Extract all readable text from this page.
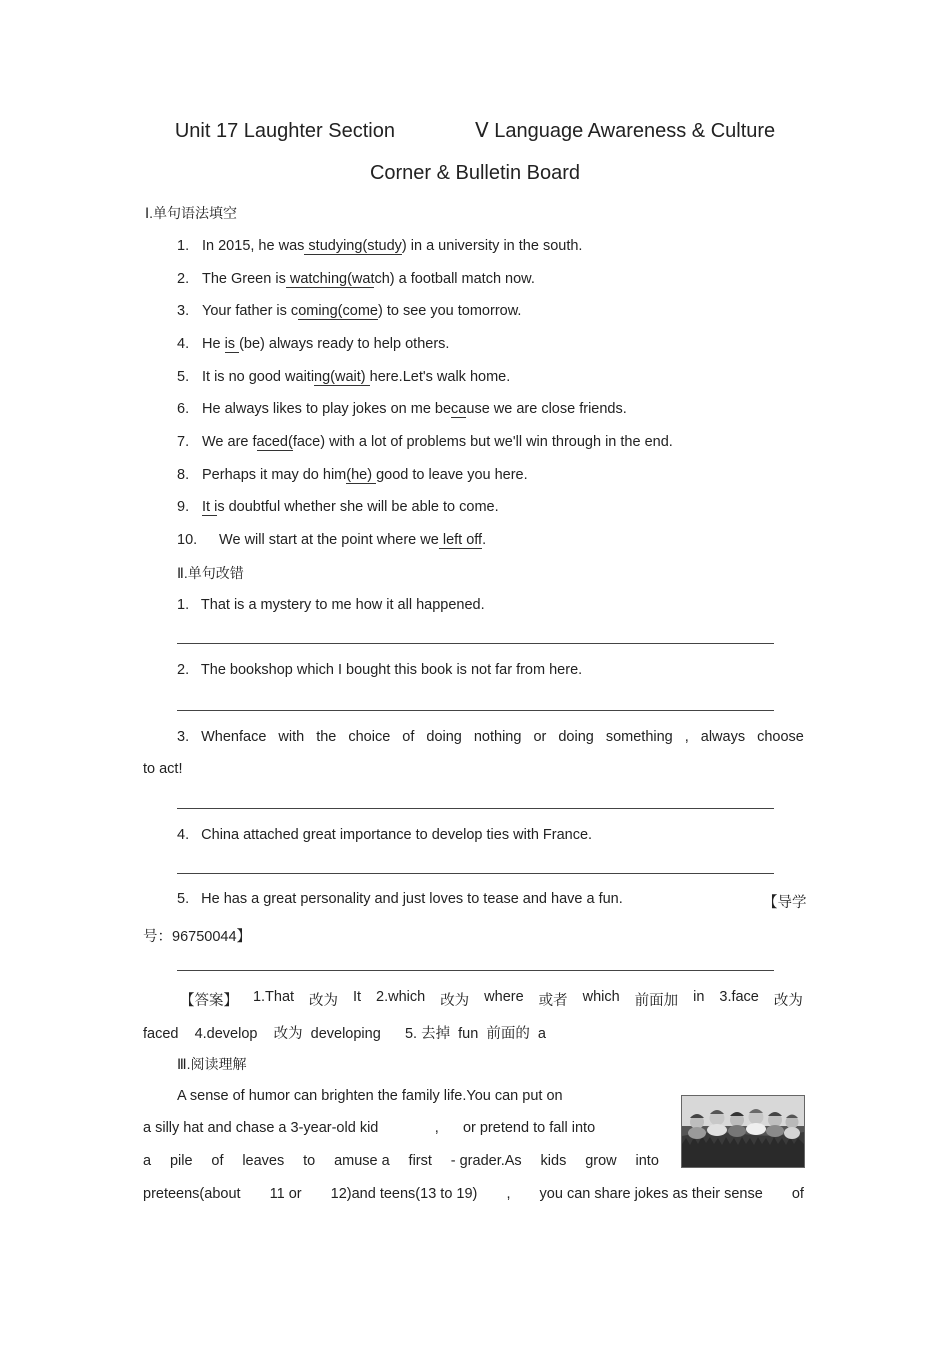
Unit 17 Laughter Section	Ⅴ Language Awareness & Culture
Corner & Bulletin Board
Ⅰ.单句语法填空
1. In 2015, he was studying(study) in a university in the south.
2. The Green is watching(watch) a football match now.
3. Your father is coming(come) to see you tomorrow.
4. He is (be) always ready to help others.
5. It is no good waiting(wait) here.Let's walk home.
6. He always likes to play jokes on me because we are close friends.
7. We are faced(face) with a lot of problems but we'll win through in the end.
8. Perhaps it may do him(he) good to leave you here.
9. It is doubtful whether she will be able to come.
10.  We will start at the point where we left off.
Ⅱ.单句改错
1.   That is a mystery to me how it all happened.
2.   The bookshop which I bought this book is not far from here.
3. Whenface with the choice of doing nothing or doing something , always choose
to act!
4.   China attached great importance to develop ties with France.
5.   He has a great personality and just loves to tease and have a fun.	【导学
号：96750044】
【答案】 1.That 改为 It 2.which 改为 where 或者 which 前面加 in 3.face 改为
faced    4.develop    改为  developing      5. 去掉  fun  前面的  a
Ⅲ.阅读理解
A sense of humor can brighten the family life.You can put on
a silly hat and chase a 3-year-old kid              ,      or pretend to fall into
a pile of leaves to amuse a first - grader.As kids grow into
preteens(about 11 or 12)and teens(13 to 19) , you can share jokes as their sense of
